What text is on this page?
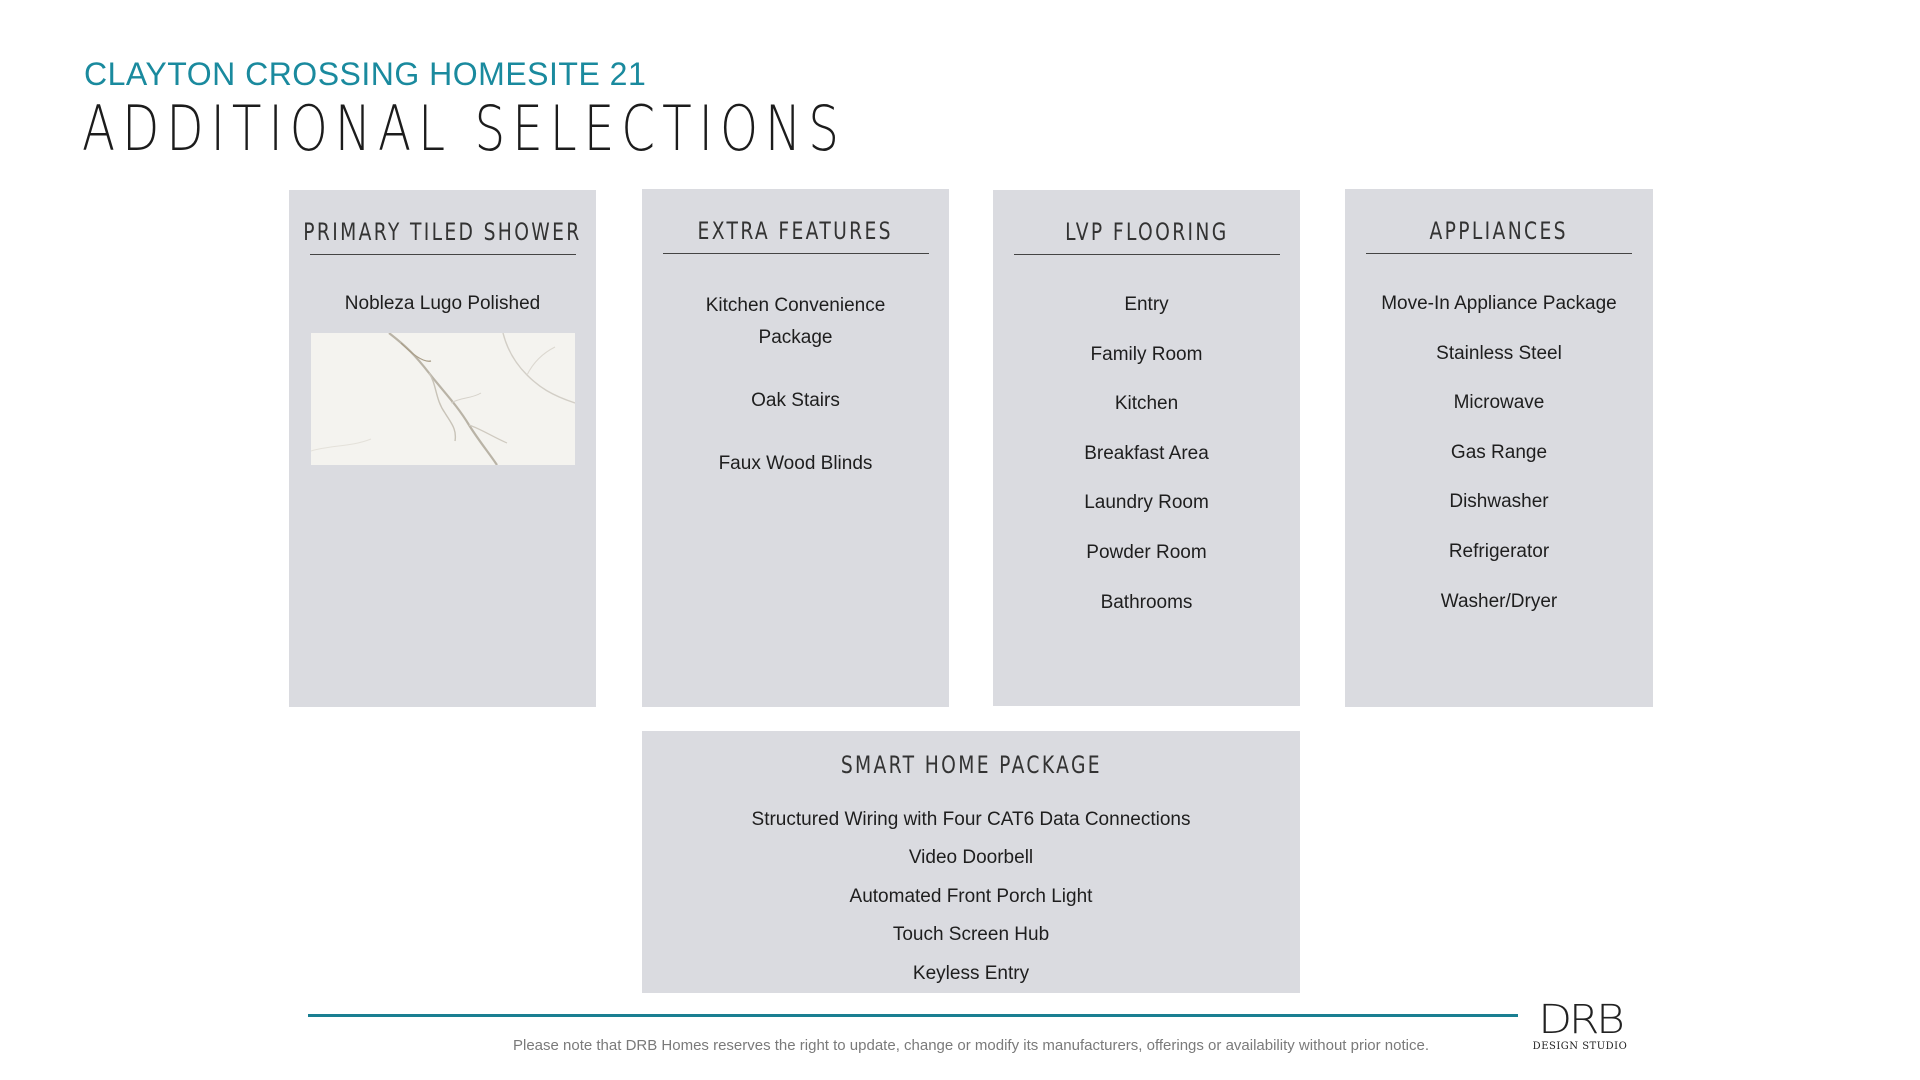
CLAYTON CROSSING HOMESITE 21
ADDITIONAL SELECTIONS
PRIMARY TILED SHOWER
Nobleza Lugo Polished
EXTRA FEATURES
Kitchen Convenience Package
Oak Stairs
Faux Wood Blinds
LVP FLOORING
Entry
Family Room
Kitchen
Breakfast Area
Laundry Room
Powder Room
Bathrooms
APPLIANCES
Move-In Appliance Package
Stainless Steel
Microwave
Gas Range
Dishwasher
Refrigerator
Washer/Dryer
SMART HOME PACKAGE
Structured Wiring with Four CAT6 Data Connections
Video Doorbell
Automated Front Porch Light
Touch Screen Hub
Keyless Entry
Please note that DRB Homes reserves the right to update, change or modify its manufacturers, offerings or availability without prior notice.
DRB
DESIGN STUDIO
